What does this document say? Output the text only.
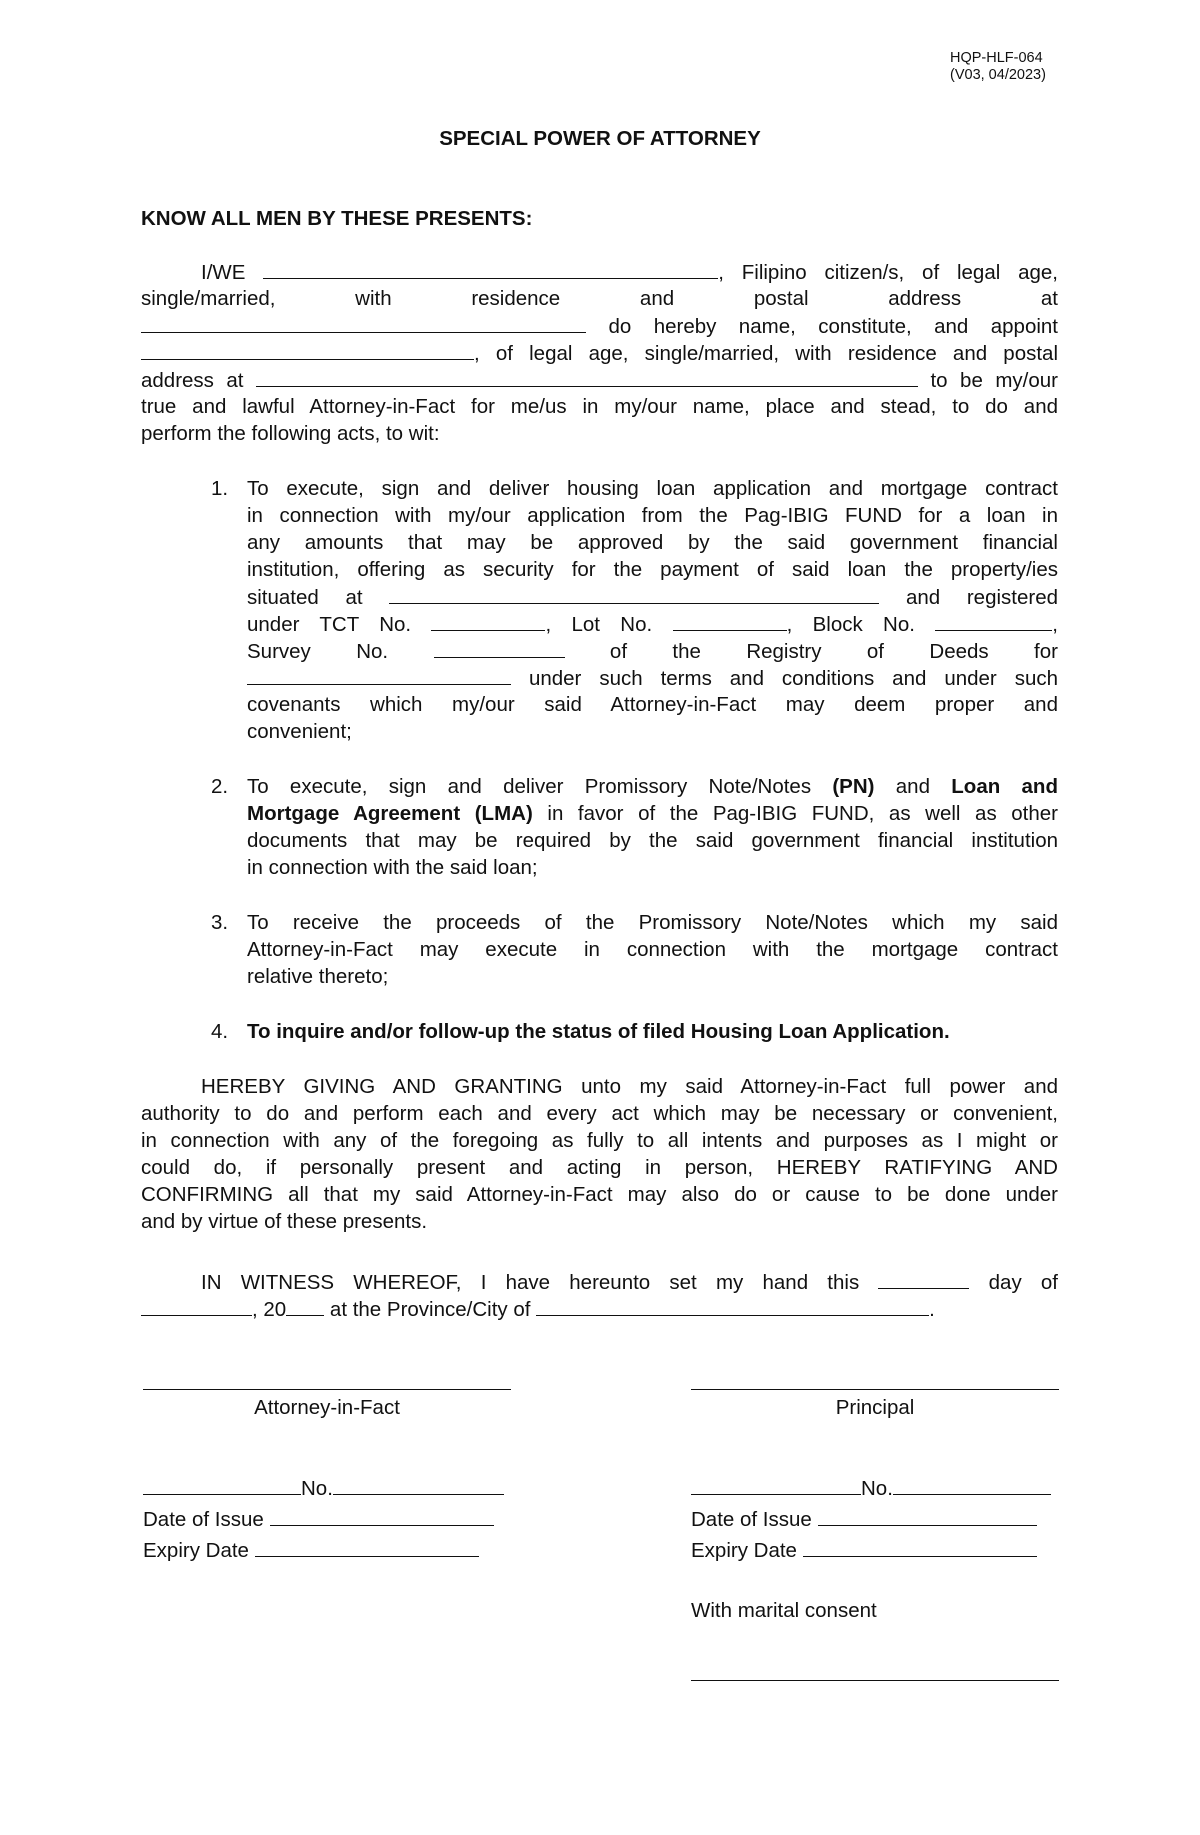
HQP-HLF-064
(V03, 04/2023)
SPECIAL POWER OF ATTORNEY
KNOW ALL MEN BY THESE PRESENTS:
I/WE	, Filipino citizen/s, of legal age,
single/married, with residence and postal address at
do hereby name, constitute, and appoint
, of legal age, single/married, with residence and postal
address at	to be my/our
true and lawful Attorney-in-Fact for me/us in my/our name, place and stead, to do and
perform the following acts, to wit:
1. To execute, sign and deliver housing loan application and mortgage contract
in connection with my/our application from the Pag-IBIG FUND for a loan in
any amounts that may be approved by the said government financial
institution, offering as security for the payment of said loan the property/ies
situated at	and registered
under TCT No.	, Lot No.	, Block No.	,
Survey No.	of the Registry of Deeds for
under such terms and conditions and under such
covenants which my/our said Attorney-in-Fact may deem proper and
convenient;
2. To execute, sign and deliver Promissory Note/Notes (PN) and Loan and
Mortgage Agreement (LMA) in favor of the Pag-IBIG FUND, as well as other
documents that may be required by the said government financial institution
in connection with the said loan;
3. To receive the proceeds of the Promissory Note/Notes which my said
Attorney-in-Fact may execute in connection with the mortgage contract
relative thereto;
4. To inquire and/or follow-up the status of filed Housing Loan Application.
HEREBY GIVING AND GRANTING unto my said Attorney-in-Fact full power and
authority to do and perform each and every act which may be necessary or convenient,
in connection with any of the foregoing as fully to all intents and purposes as I might or
could do, if personally present and acting in person, HEREBY RATIFYING AND
CONFIRMING all that my said Attorney-in-Fact may also do or cause to be done under
and by virtue of these presents.
IN WITNESS WHEREOF, I have hereunto set my hand this	day of
, 20 at the Province/City of	.
Attorney-in-Fact
No.
Date of Issue
Expiry Date
Principal
No.
Date of Issue
Expiry Date
With marital consent
